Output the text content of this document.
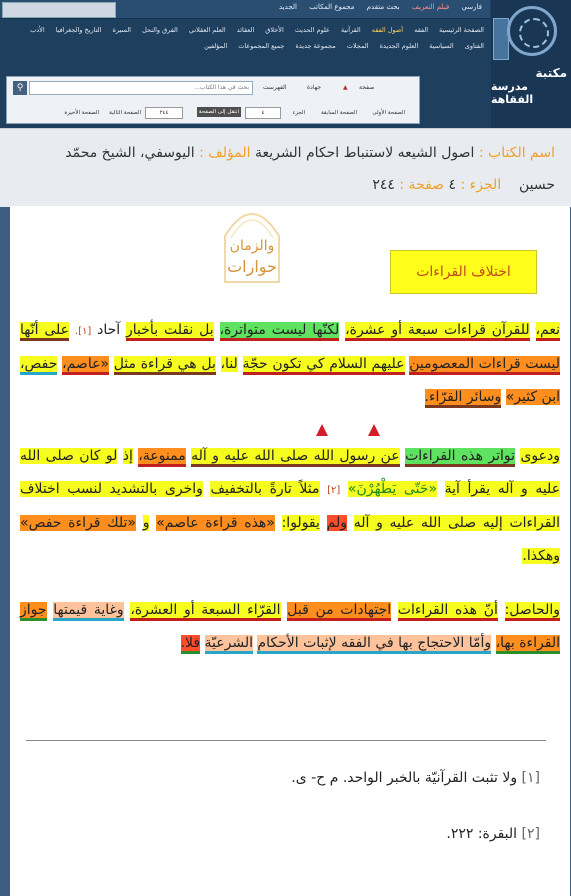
فارسي فيلم التعريف بحث متقدم مجموع المكاتب الجديد
الصفحة الرئيسية الفقه أصول الفقه القرآنية علوم الحديث الأخلاق العقائد العلم العقلاني الفرق والنحل السيرة التاريخ والجغرافيا الأدب
الفتاوى السياسية العلوم الجديدة المجلات مجموعة جديدة جميع المجموعات المؤلفين
مكتبة
مدرسة الفقاهة
⚲	بحث في هذا الكتاب...	الفهرست	جهادة	▲ صفحة
الصفحة الأولى
الصفحة السابقة
الجزء
٤
انتقل إلى الصفحة
٢٤٤
الصفحة التالية
الصفحة الأخيرة
اسم الكتاب : اصول الشيعه لاستنباط احكام الشريعة المؤلف : اليوسفي، الشيخ محمّد
حسين    الجزء : ٤ صفحة : ٢٤٤
والزمان
حوارات	اختلاف القراءات
نعم، للقرآن قراءات سبعة أو عشرة، لكنّها ليست متواترة، بل نقلت بأخبار آحاد [١]. على أنّها ليست قراءات المعصومين عليهم السلام كي تكون حجّة لنا، بل هي قراءة مثل «عاصم، حفص، ابن كثير» وسائر القرّاء.
ودعوى تواتر هذه القراءات عن رسول الله صلى الله عليه و آله ممنوعة، إذ لو كان صلى الله عليه و آله يقرأ آية «حَتّى يَطْهُرْنَ» [٢] مثلاً تارةً بالتخفيف واخرى بالتشديد لنسب اختلاف القراءات إليه صلى الله عليه و آله ولم يقولوا: «هذه قراءة عاصم» و «تلك قراءة حفص» وهكذا.
والحاصل: أنّ هذه القراءات اجتهادات من قبل القرّاء السبعة أو العشرة، وغاية قيمتها جواز القراءة بها، وأمّا الاحتجاج بها في الفقه لإثبات الأحكام الشرعيّة فلا.
[١] ولا تثبت القرآنيّة بالخبر الواحد. م ح- ى.
[٢] البقرة: ٢٢٢.
